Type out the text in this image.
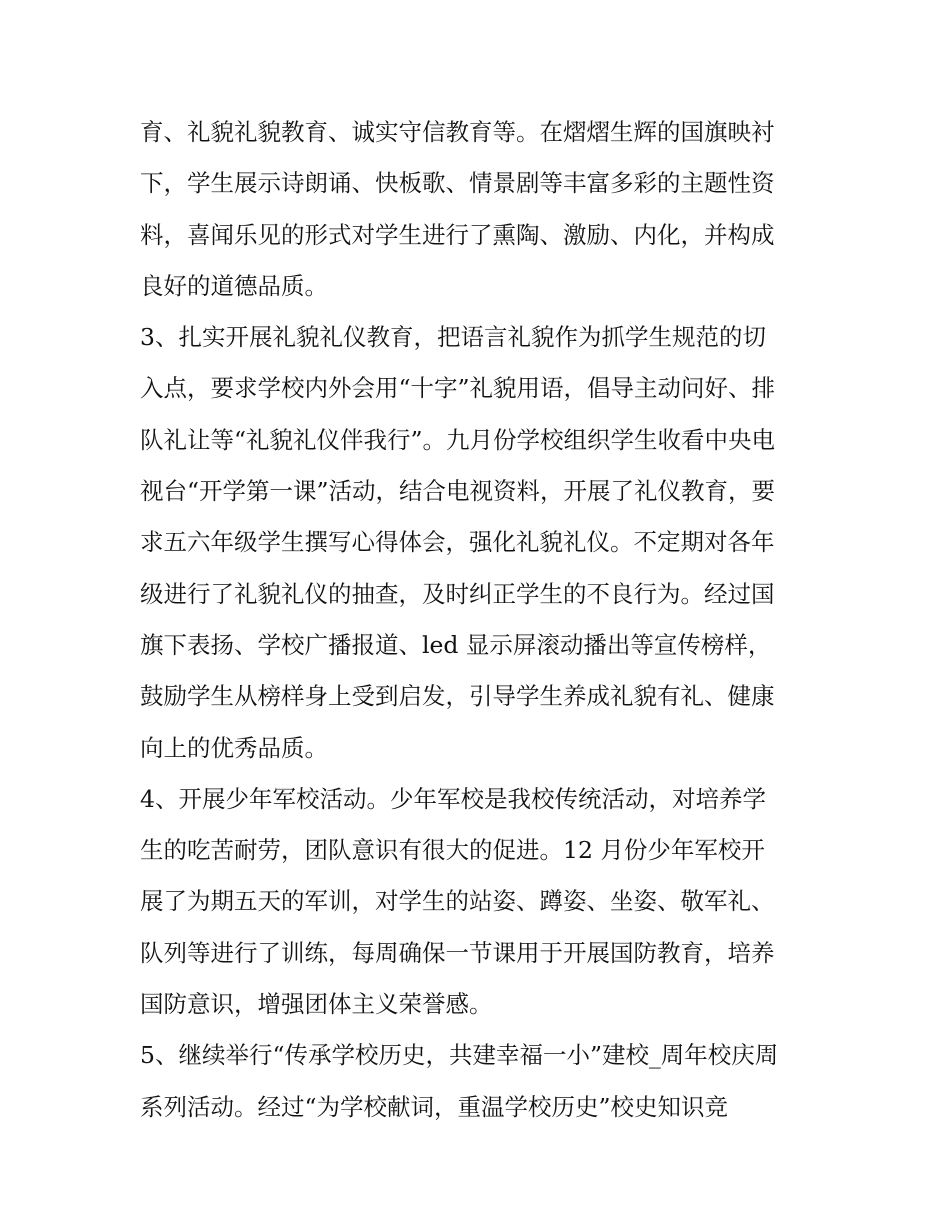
育、礼貌礼貌教育、诚实守信教育等。在熠熠生辉的国旗映衬
下，学生展示诗朗诵、快板歌、情景剧等丰富多彩的主题性资
料，喜闻乐见的形式对学生进行了熏陶、激励、内化，并构成
良好的道德品质。

3、扎实开展礼貌礼仪教育，把语言礼貌作为抓学生规范的切
入点，要求学校内外会用“十字”礼貌用语，倡导主动问好、排
队礼让等“礼貌礼仪伴我行”。九月份学校组织学生收看中央电
视台“开学第一课”活动，结合电视资料，开展了礼仪教育，要
求五六年级学生撰写心得体会，强化礼貌礼仪。不定期对各年
级进行了礼貌礼仪的抽查，及时纠正学生的不良行为。经过国
旗下表扬、学校广播报道、led 显示屏滚动播出等宣传榜样，
鼓励学生从榜样身上受到启发，引导学生养成礼貌有礼、健康
向上的优秀品质。

4、开展少年军校活动。少年军校是我校传统活动，对培养学
生的吃苦耐劳，团队意识有很大的促进。12 月份少年军校开
展了为期五天的军训，对学生的站姿、蹲姿、坐姿、敬军礼、
队列等进行了训练，每周确保一节课用于开展国防教育，培养
国防意识，增强团体主义荣誉感。

5、继续举行“传承学校历史，共建幸福一小”建校_周年校庆周
系列活动。经过“为学校献词，重温学校历史”校史知识竞
